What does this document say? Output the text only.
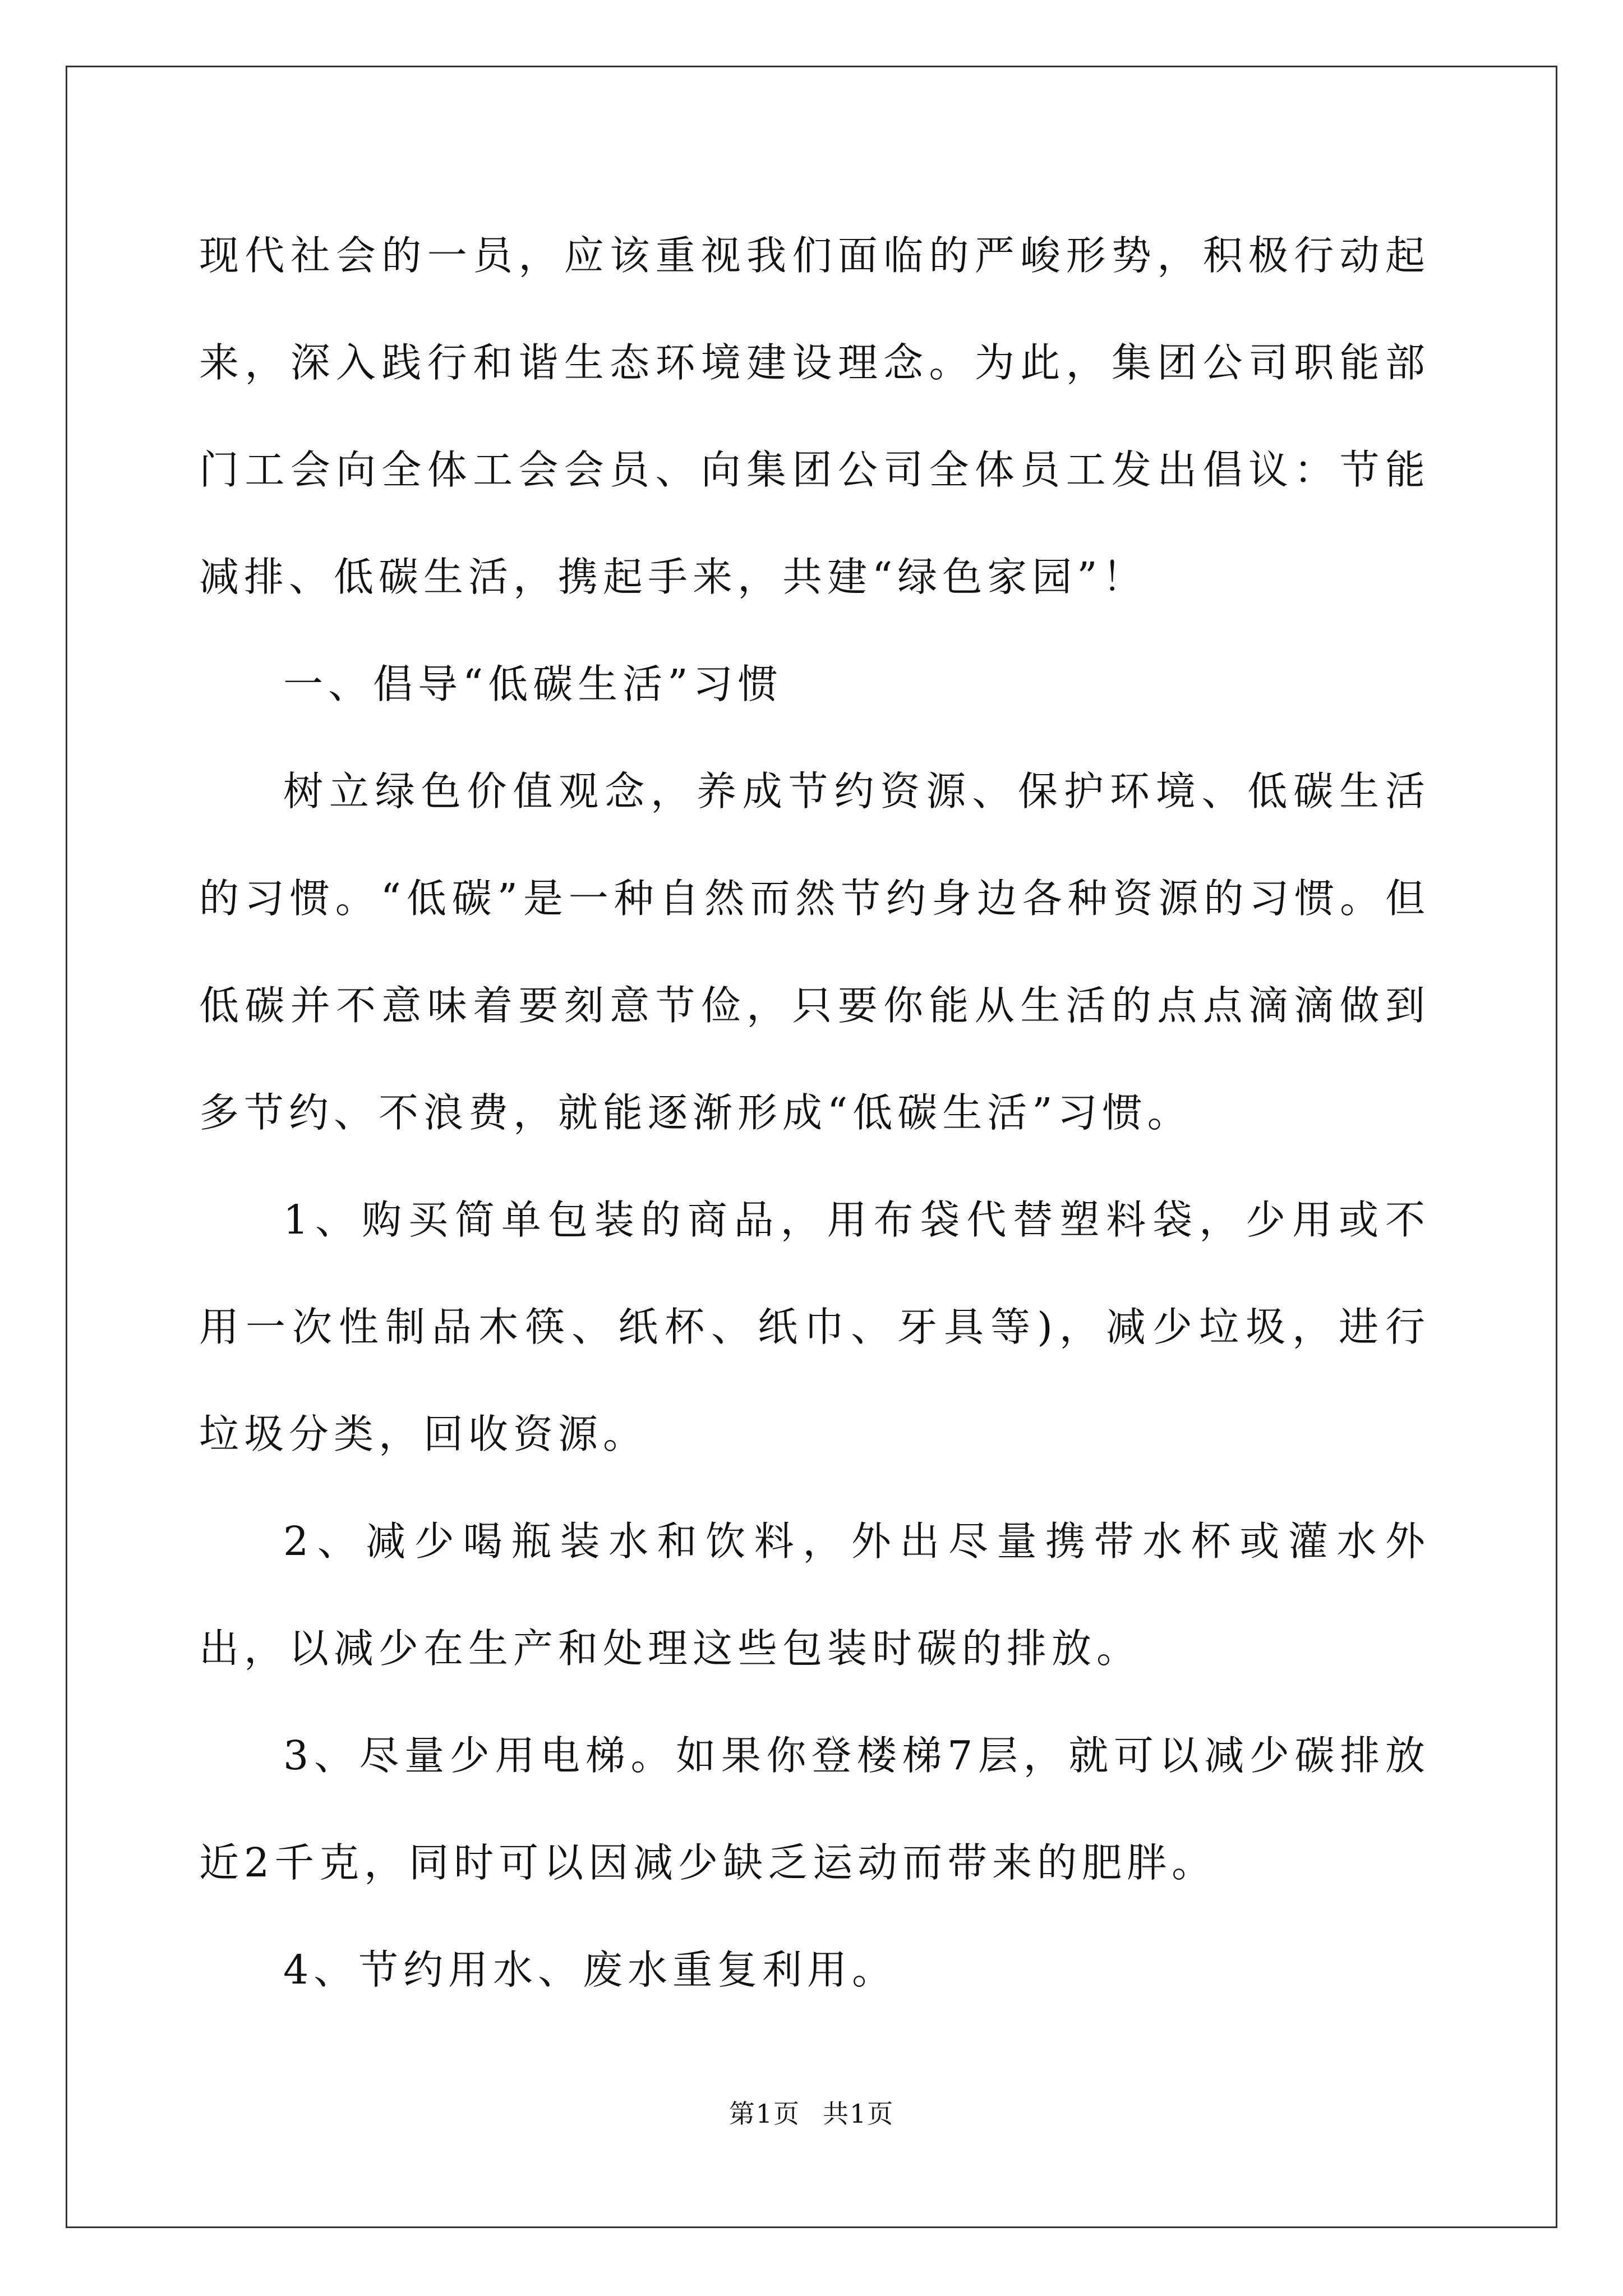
现代社会的一员，应该重视我们面临的严峻形势，积极行动起来，深入践行和谐生态环境建设理念。为此，集团公司职能部门工会向全体工会会员、向集团公司全体员工发出倡议：节能减排、低碳生活，携起手来，共建“绿色家园”！

一、倡导“低碳生活”习惯

树立绿色价值观念，养成节约资源、保护环境、低碳生活的习惯。“低碳”是一种自然而然节约身边各种资源的习惯。但低碳并不意味着要刻意节俭，只要你能从生活的点点滴滴做到多节约、不浪费，就能逐渐形成“低碳生活”习惯。

1、购买简单包装的商品，用布袋代替塑料袋，少用或不用一次性制品木筷、纸杯、纸巾、牙具等)，减少垃圾，进行垃圾分类，回收资源。

2、减少喝瓶装水和饮料，外出尽量携带水杯或灌水外出，以减少在生产和处理这些包装时碳的排放。

3、尽量少用电梯。如果你登楼梯7层，就可以减少碳排放近2千克，同时可以因减少缺乏运动而带来的肥胖。

4、节约用水、废水重复利用。

第1页 共1页
